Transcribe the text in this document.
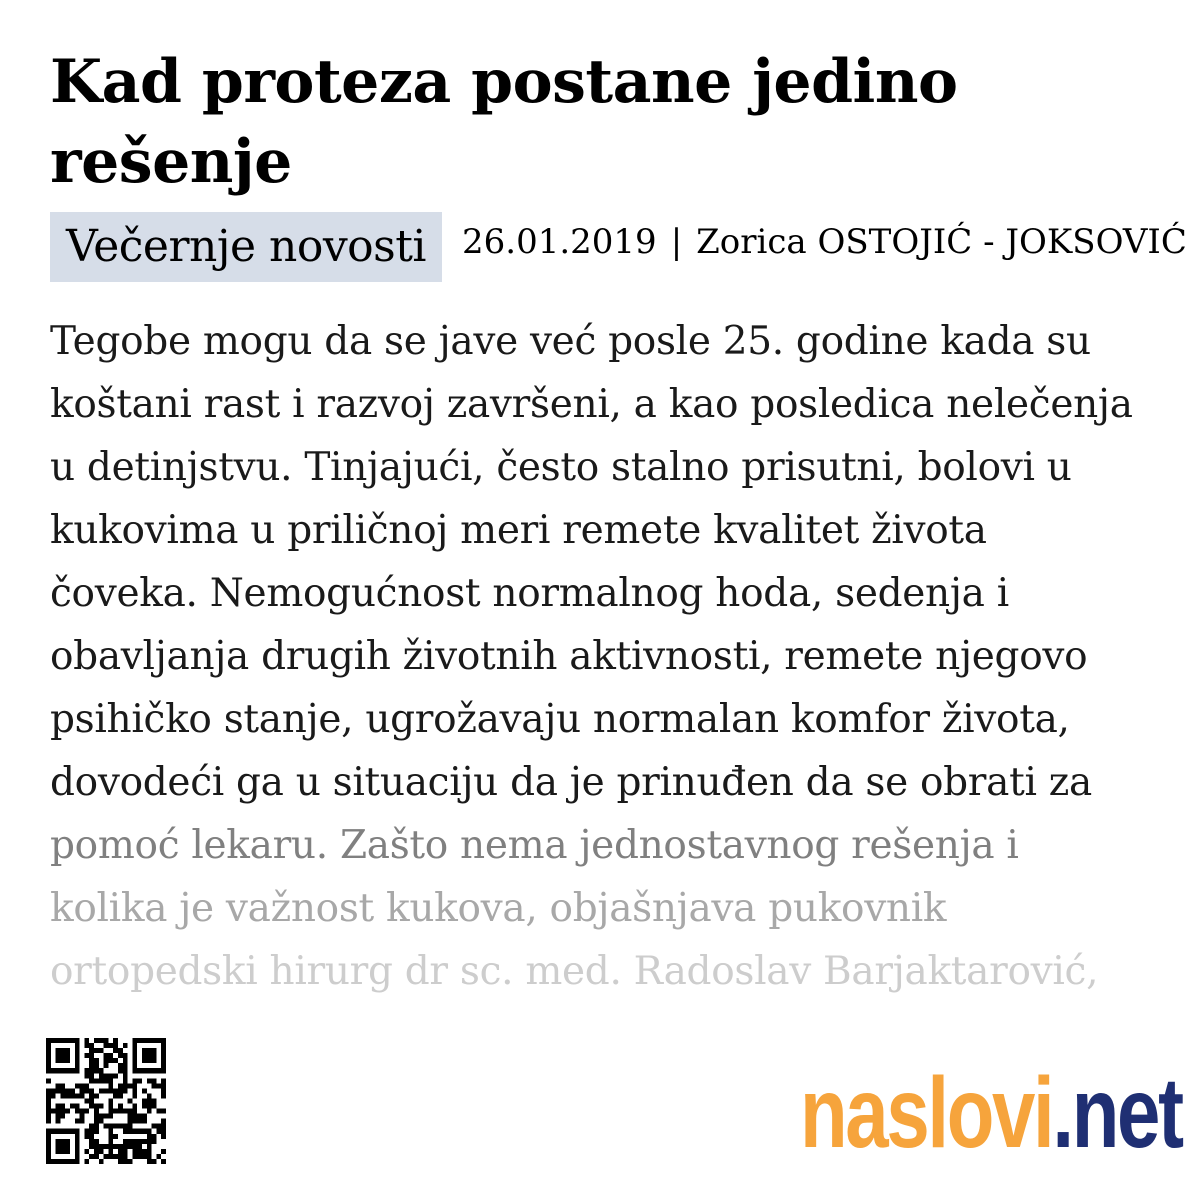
Kad proteza postane jedino rešenje
Večernje novosti	26.01.2019 | Zorica OSTOJIĆ - JOKSOVIĆ
Tegobe mogu da se jave već posle 25. godine kada su
koštani rast i razvoj završeni, a kao posledica nelečenja
u detinjstvu. Tinjajući, često stalno prisutni, bolovi u
kukovima u priličnoj meri remete kvalitet života
čoveka. Nemogućnost normalnog hoda, sedenja i
obavljanja drugih životnih aktivnosti, remete njegovo
psihičko stanje, ugrožavaju normalan komfor života,
dovodeći ga u situaciju da je prinuđen da se obrati za
pomoć lekaru. Zašto nema jednostavnog rešenja i
kolika je važnost kukova, objašnjava pukovnik
ortopedski hirurg dr sc. med. Radoslav Barjaktarović,
naslovi.net
